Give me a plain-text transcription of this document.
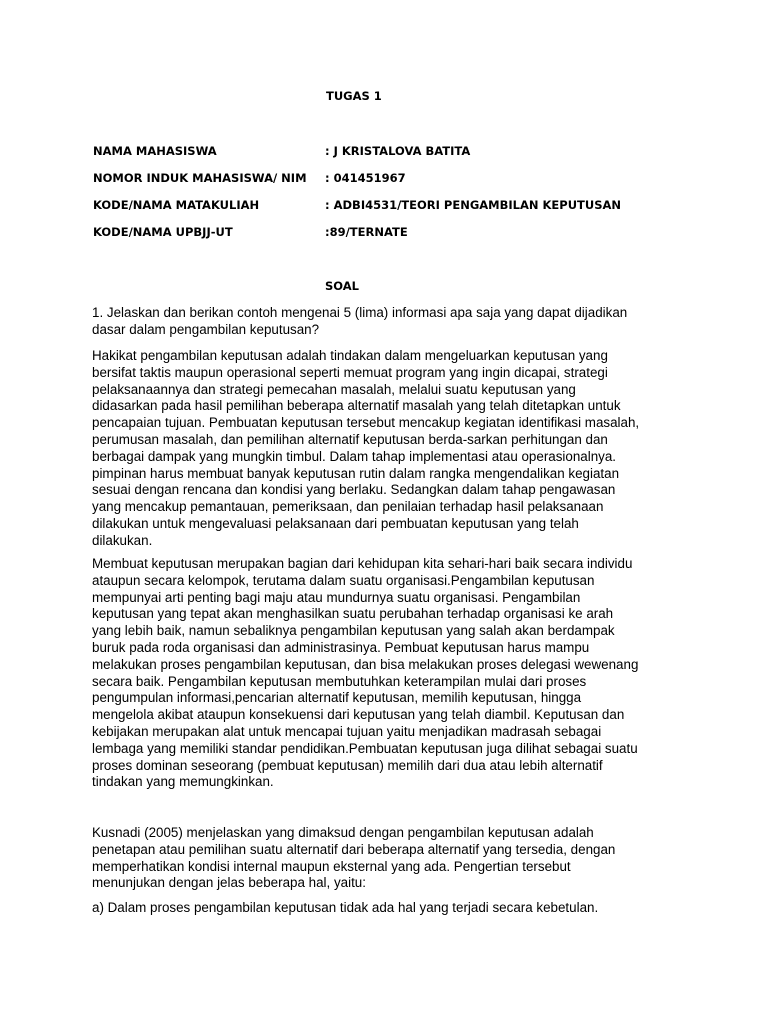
TUGAS 1
NAMA MAHASISWA	: J KRISTALOVA BATITA
NOMOR INDUK MAHASISWA/ NIM : 041451967
KODE/NAMA MATAKULIAH	: ADBI4531/TEORI PENGAMBILAN KEPUTUSAN
KODE/NAMA UPBJJ-UT	:89/TERNATE
SOAL

1. Jelaskan dan berikan contoh mengenai 5 (lima) informasi apa saja yang dapat dijadikan
dasar dalam pengambilan keputusan?

Hakikat pengambilan keputusan adalah tindakan dalam mengeluarkan keputusan yang
bersifat taktis maupun operasional seperti memuat program yang ingin dicapai, strategi
pelaksanaannya dan strategi pemecahan masalah, melalui suatu keputusan yang
didasarkan pada hasil pemilihan beberapa alternatif masalah yang telah ditetapkan untuk
pencapaian tujuan. Pembuatan keputusan tersebut mencakup kegiatan identifikasi masalah,
perumusan masalah, dan pemilihan alternatif keputusan berda-sarkan perhitungan dan
berbagai dampak yang mungkin timbul. Dalam tahap implementasi atau operasionalnya.
pimpinan harus membuat banyak keputusan rutin dalam rangka mengendalikan kegiatan
sesuai dengan rencana dan kondisi yang berlaku. Sedangkan dalam tahap pengawasan
yang mencakup pemantauan, pemeriksaan, dan penilaian terhadap hasil pelaksanaan
dilakukan untuk mengevaluasi pelaksanaan dari pembuatan keputusan yang telah
dilakukan.

Membuat keputusan merupakan bagian dari kehidupan kita sehari-hari baik secara individu
ataupun secara kelompok, terutama dalam suatu organisasi.Pengambilan keputusan
mempunyai arti penting bagi maju atau mundurnya suatu organisasi. Pengambilan
keputusan yang tepat akan menghasilkan suatu perubahan terhadap organisasi ke arah
yang lebih baik, namun sebaliknya pengambilan keputusan yang salah akan berdampak
buruk pada roda organisasi dan administrasinya. Pembuat keputusan harus mampu
melakukan proses pengambilan keputusan, dan bisa melakukan proses delegasi wewenang
secara baik. Pengambilan keputusan membutuhkan keterampilan mulai dari proses
pengumpulan informasi,pencarian alternatif keputusan, memilih keputusan, hingga
mengelola akibat ataupun konsekuensi dari keputusan yang telah diambil. Keputusan dan
kebijakan merupakan alat untuk mencapai tujuan yaitu menjadikan madrasah sebagai
lembaga yang memiliki standar pendidikan.Pembuatan keputusan juga dilihat sebagai suatu
proses dominan seseorang (pembuat keputusan) memilih dari dua atau lebih alternatif
tindakan yang memungkinkan.

Kusnadi (2005) menjelaskan yang dimaksud dengan pengambilan keputusan adalah
penetapan atau pemilihan suatu alternatif dari beberapa alternatif yang tersedia, dengan
memperhatikan kondisi internal maupun eksternal yang ada. Pengertian tersebut
menunjukan dengan jelas beberapa hal, yaitu:

a) Dalam proses pengambilan keputusan tidak ada hal yang terjadi secara kebetulan.
